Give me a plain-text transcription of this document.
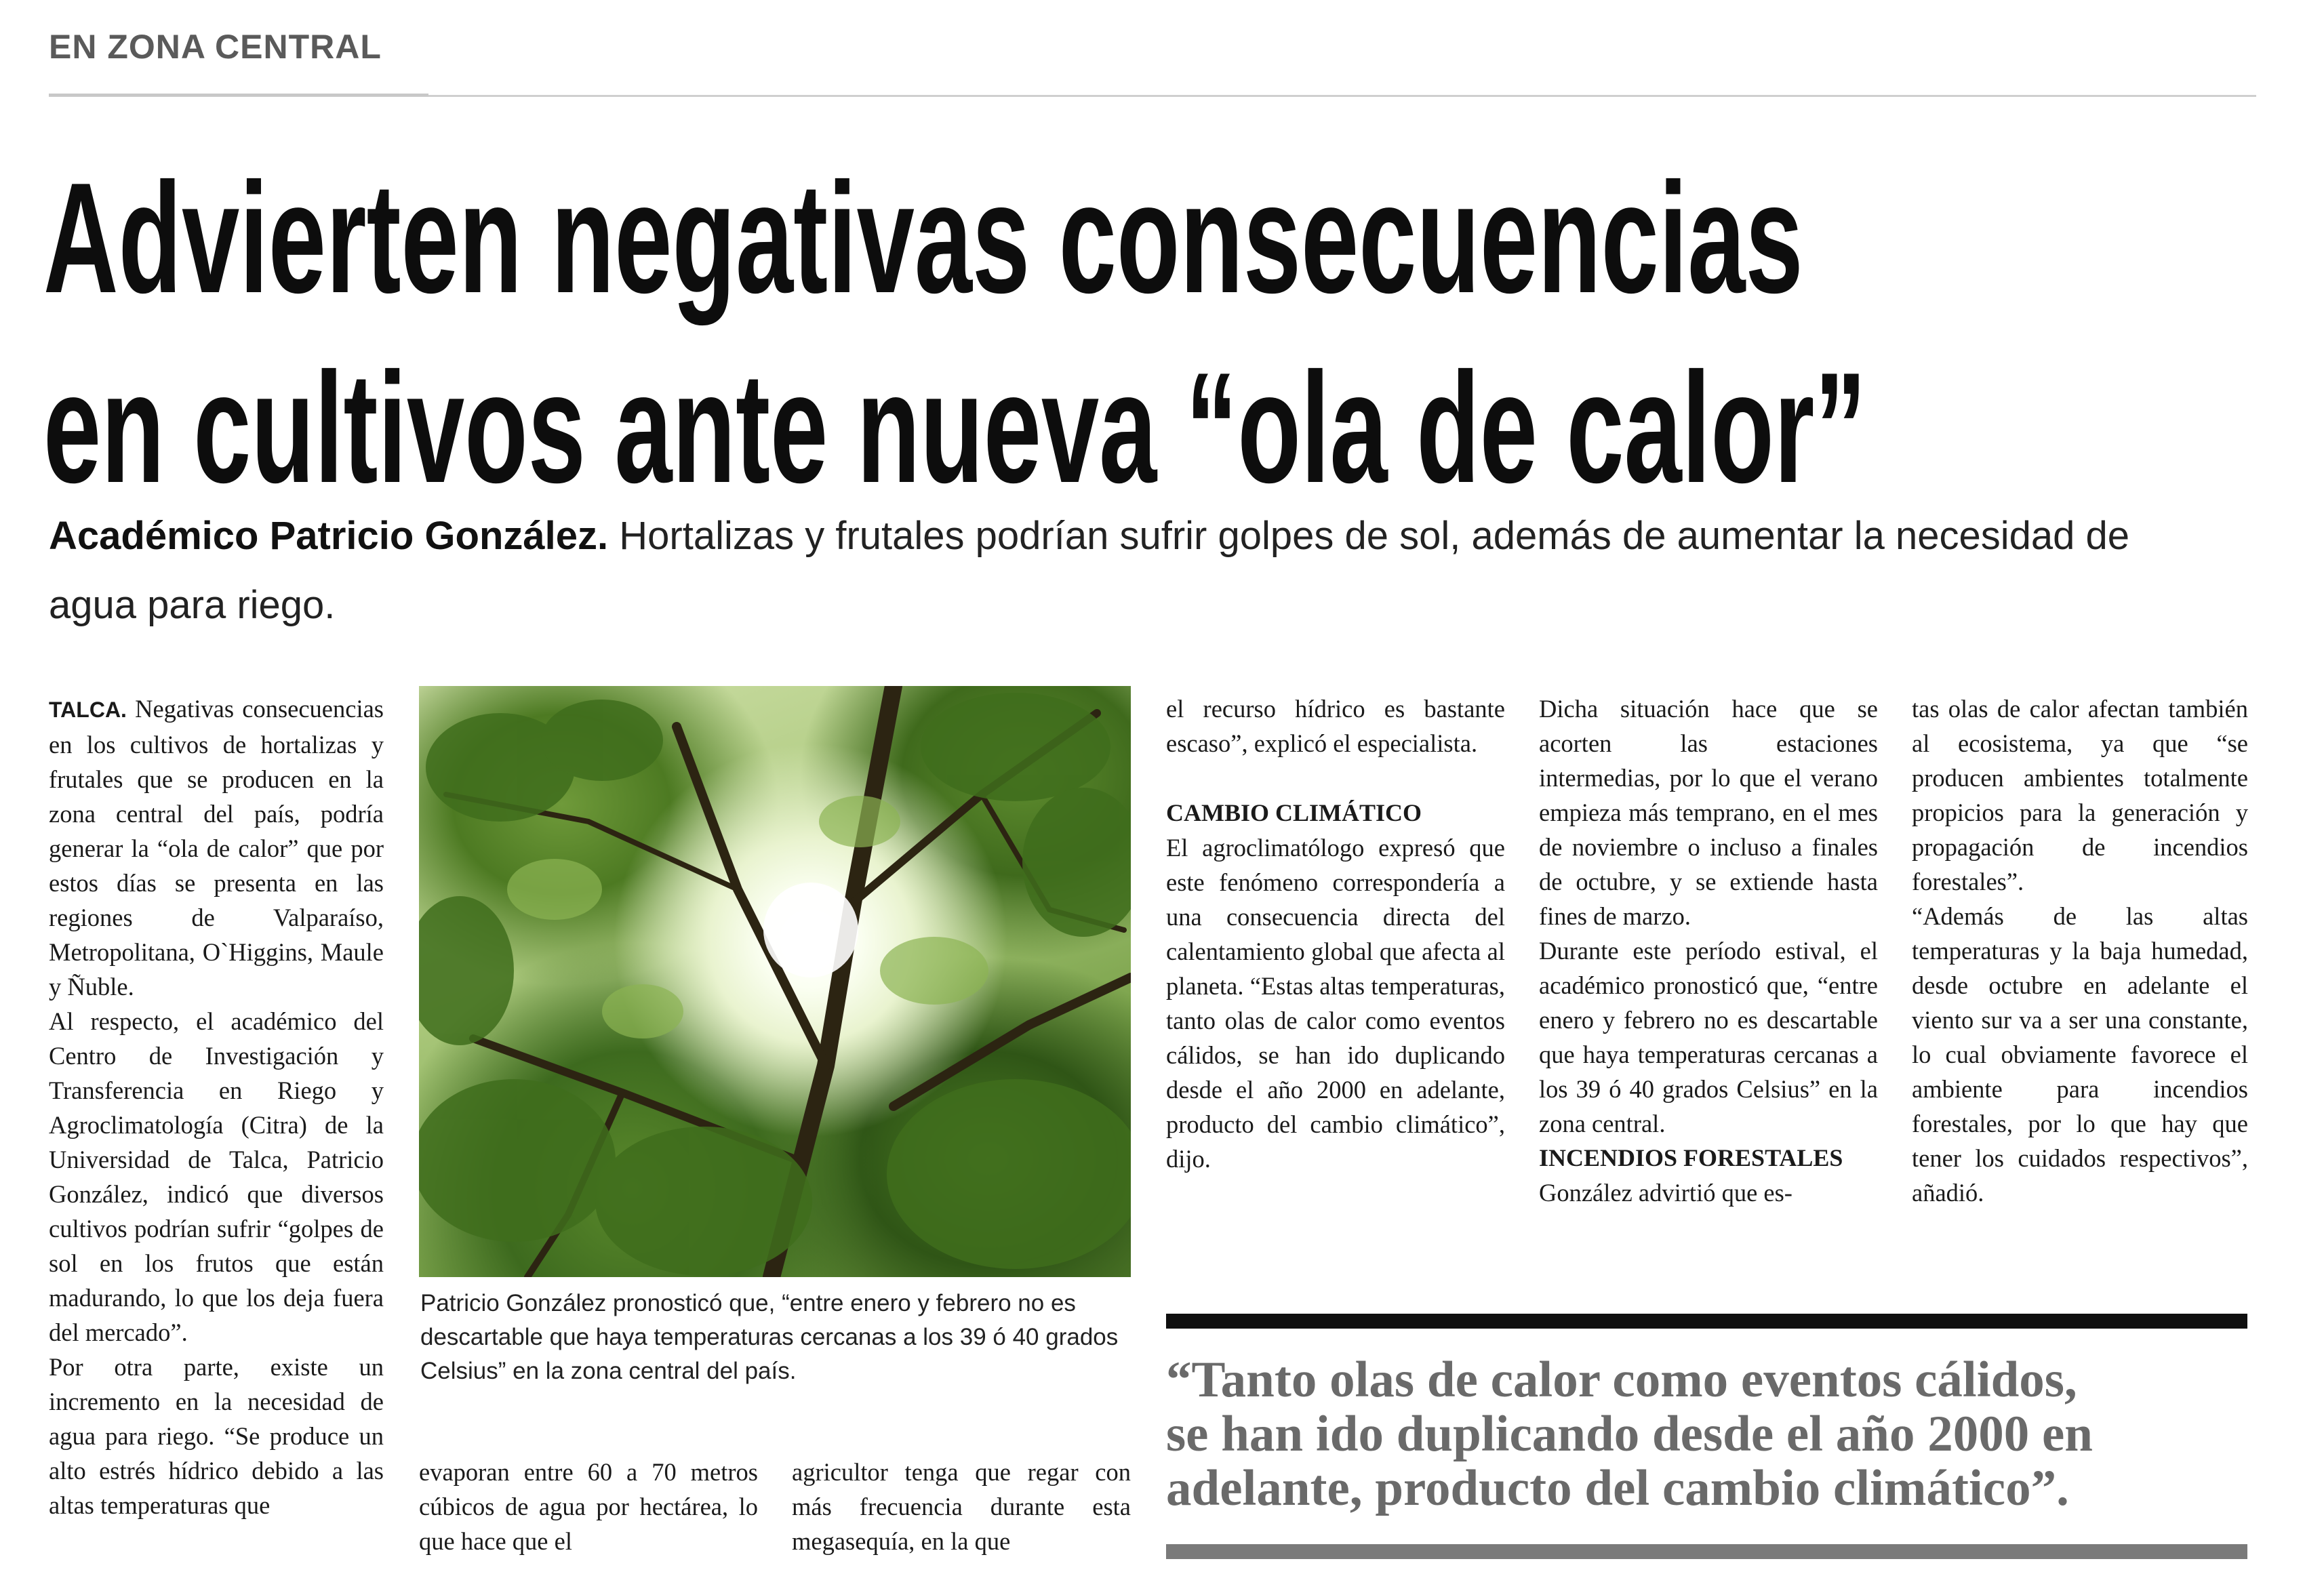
EN ZONA CENTRAL
Advierten negativas consecuencias
en cultivos ante nueva “ola de calor”

Académico Patricio González. Hortalizas y frutales podrían sufrir golpes de sol, además de aumentar la necesidad de agua para riego.

TALCA. Negativas consecuencias en los cultivos de hortalizas y frutales que se producen en la zona central del país, podría generar la “ola de calor” que por estos días se presenta en las regiones de Valparaíso, Metropolitana, O`Higgins, Maule y Ñuble.

Al respecto, el académico del Centro de Investigación y Transferencia en Riego y Agroclimatología (Citra) de la Universidad de Talca, Patricio González, indicó que diversos cultivos podrían sufrir “golpes de sol en los frutos que están madurando, lo que los deja fuera del mercado”.

Por otra parte, existe un incremento en la necesidad de agua para riego. “Se produce un alto estrés hídrico debido a las altas temperaturas que

Patricio González pronosticó que, “entre enero y febrero no es descartable que haya temperaturas cercanas a los 39 ó 40 grados Celsius” en la zona central del país.

evaporan entre 60 a 70 metros cúbicos de agua por hectárea, lo que hace que el

agricultor tenga que regar con más frecuencia durante esta megasequía, en la que

el recurso hídrico es bastante escaso”, explicó el especialista.

CAMBIO CLIMÁTICO

El agroclimatólogo expresó que este fenómeno correspondería a una consecuencia directa del calentamiento global que afecta al planeta. “Estas altas temperaturas, tanto olas de calor como eventos cálidos, se han ido duplicando desde el año 2000 en adelante, producto del cambio climático”, dijo.

Dicha situación hace que se acorten las estaciones intermedias, por lo que el verano empieza más temprano, en el mes de noviembre o incluso a finales de octubre, y se extiende hasta fines de marzo.

Durante este período estival, el académico pronosticó que, “entre enero y febrero no es descartable que haya temperaturas cercanas a los 39 ó 40 grados Celsius” en la zona central.

INCENDIOS FORESTALES

González advirtió que es-

tas olas de calor afectan también al ecosistema, ya que “se producen ambientes totalmente propicios para la generación y propagación de incendios forestales”.

“Además de las altas temperaturas y la baja humedad, desde octubre en adelante el viento sur va a ser una constante, lo cual obviamente favorece el ambiente para incendios forestales, por lo que hay que tener los cuidados respectivos”, añadió.

“Tanto olas de calor como eventos cálidos,
se han ido duplicando desde el año 2000 en
adelante, producto del cambio climático”.
